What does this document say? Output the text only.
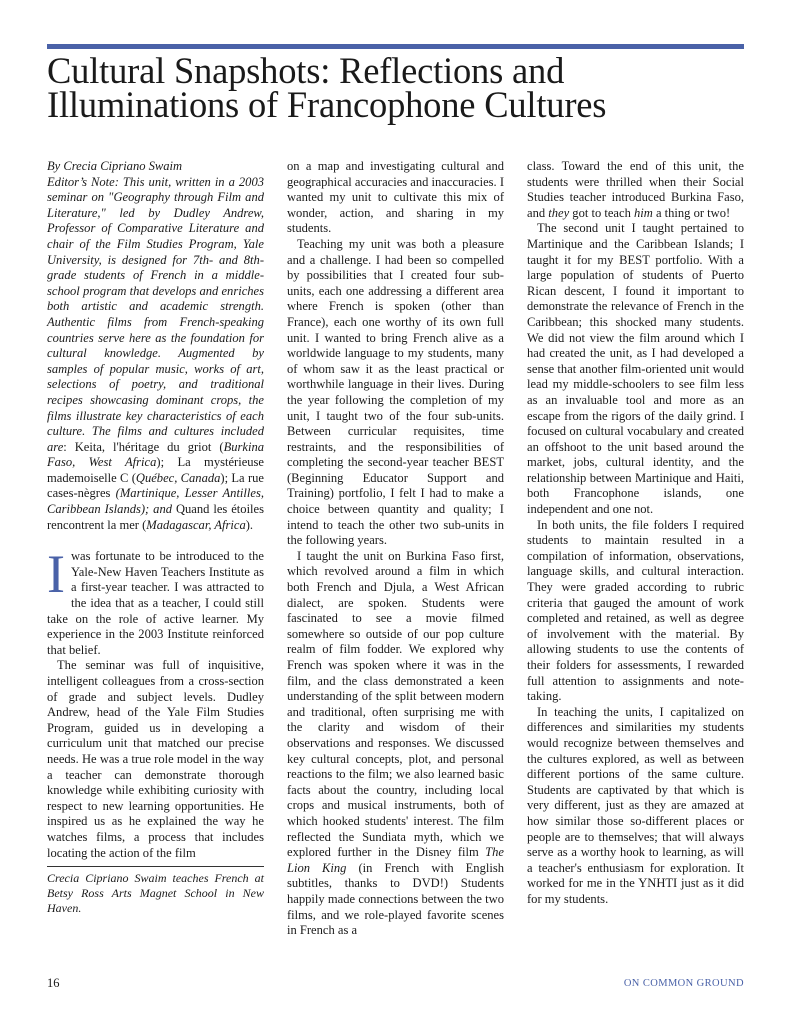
Cultural Snapshots: Reflections and Illuminations of Francophone Cultures

By Crecia Cipriano Swaim

Editor’s Note: This unit, written in a 2003 seminar on "Geography through Film and Literature," led by Dudley Andrew, Professor of Comparative Literature and chair of the Film Studies Program, Yale University, is designed for 7th- and 8th-grade students of French in a middle-school program that develops and enriches both artistic and academic strength. Authentic films from French-speaking countries serve here as the foundation for cultural knowledge. Augmented by samples of popular music, works of art, selections of poetry, and traditional recipes showcasing dominant crops, the films illustrate key characteristics of each culture. The films and cultures included are: Keita, l'héritage du griot (Burkina Faso, West Africa); La mystérieuse mademoiselle C (Québec, Canada); La rue cases-nègres (Martinique, Lesser Antilles, Caribbean Islands); and Quand les étoiles rencontrent la mer (Madagascar, Africa).

Iwas fortunate to be introduced to the Yale-New Haven Teachers Institute as a first-year teacher. I was attracted to the idea that as a teacher, I could still take on the role of active learner. My experience in the 2003 Institute reinforced that belief.

The seminar was full of inquisitive, intelligent colleagues from a cross-section of grade and subject levels. Dudley Andrew, head of the Yale Film Studies Program, guided us in developing a curriculum unit that matched our precise needs. He was a true role model in the way a teacher can demonstrate thorough knowledge while exhibiting curiosity with respect to new learning opportunities. He inspired us as he explained the way he watches films, a process that includes locating the action of the film

Crecia Cipriano Swaim teaches French at Betsy Ross Arts Magnet School in New Haven.

on a map and investigating cultural and geographical accuracies and inaccuracies. I wanted my unit to cultivate this mix of wonder, action, and sharing in my students.

Teaching my unit was both a pleasure and a challenge. I had been so compelled by possibilities that I created four sub-units, each one addressing a different area where French is spoken (other than France), each one worthy of its own full unit. I wanted to bring French alive as a worldwide language to my students, many of whom saw it as the least practical or worthwhile language in their lives. During the year following the completion of my unit, I taught two of the four sub-units. Between curricular requisites, time restraints, and the responsibilities of completing the second-year teacher BEST (Beginning Educator Support and Training) portfolio, I felt I had to make a choice between quantity and quality; I intend to teach the other two sub-units in the following years.

I taught the unit on Burkina Faso first, which revolved around a film in which both French and Djula, a West African dialect, are spoken. Students were fascinated to see a movie filmed somewhere so outside of our pop culture realm of film fodder. We explored why French was spoken where it was in the film, and the class demonstrated a keen understanding of the split between modern and traditional, often surprising me with the clarity and wisdom of their observations and responses. We discussed key cultural concepts, plot, and personal reactions to the film; we also learned basic facts about the country, including local crops and musical instruments, both of which hooked students' interest. The film reflected the Sundiata myth, which we explored further in the Disney film The Lion King (in French with English subtitles, thanks to DVD!) Students happily made connections between the two films, and we role-played favorite scenes in French as a

class. Toward the end of this unit, the students were thrilled when their Social Studies teacher introduced Burkina Faso, and they got to teach him a thing or two!

The second unit I taught pertained to Martinique and the Caribbean Islands; I taught it for my BEST portfolio. With a large population of students of Puerto Rican descent, I found it important to demonstrate the relevance of French in the Caribbean; this shocked many students. We did not view the film around which I had created the unit, as I had developed a sense that another film-oriented unit would lead my middle-schoolers to see film less as an invaluable tool and more as an escape from the rigors of the daily grind. I focused on cultural vocabulary and created an offshoot to the unit based around the market, jobs, cultural identity, and the relationship between Martinique and Haiti, both Francophone islands, one independent and one not.

In both units, the file folders I required students to maintain resulted in a compilation of information, observations, language skills, and cultural interaction. They were graded according to rubric criteria that gauged the amount of work completed and retained, as well as degree of involvement with the material. By allowing students to use the contents of their folders for assessments, I rewarded full attention to assignments and note-taking.

In teaching the units, I capitalized on differences and similarities my students would recognize between themselves and the cultures explored, as well as between different portions of the same culture. Students are captivated by that which is very different, just as they are amazed at how similar those so-different places or people are to themselves; that will always serve as a worthy hook to learning, as will a teacher's enthusiasm for exploration. It worked for me in the YNHTI just as it did for my students.

16	ON COMMON GROUND
